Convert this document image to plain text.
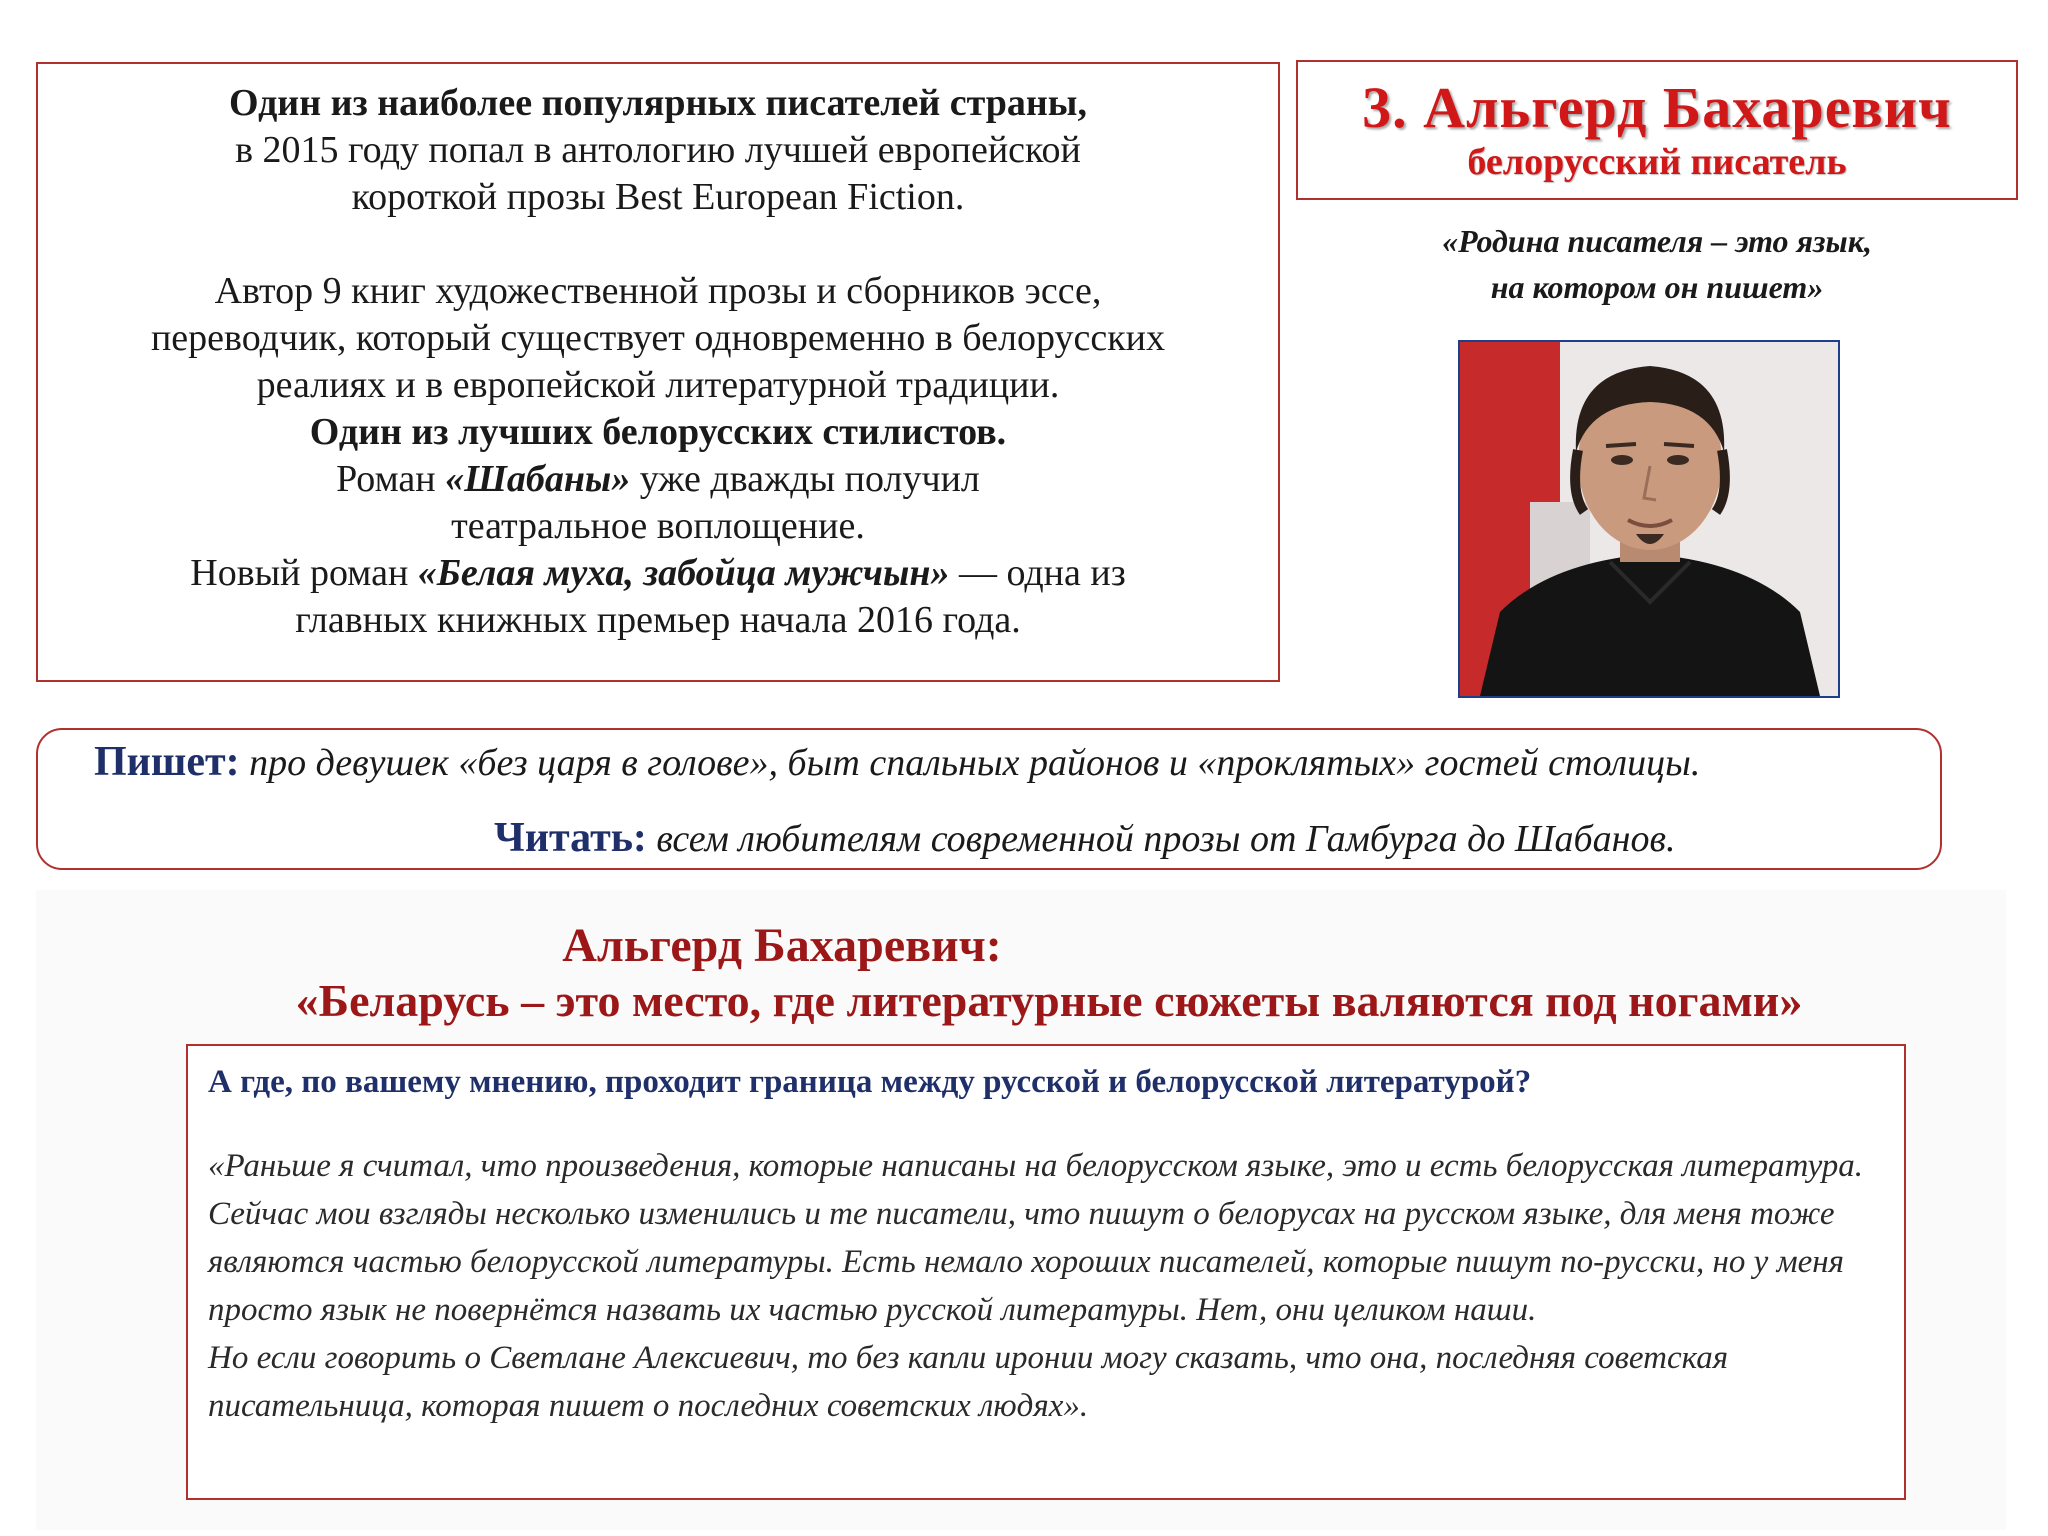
Один из наиболее популярных писателей страны,

в 2015 году попал в антологию лучшей европейской

короткой прозы Best European Fiction.

Автор 9 книг художественной прозы и сборников эссе,

переводчик, который существует одновременно в белорусских

реалиях и в европейской литературной традиции.

Один из лучших белорусских стилистов.

Роман «Шабаны» уже дважды получил

театральное воплощение.

Новый роман «Белая муха, забойца мужчын» — одна из

главных книжных премьер начала 2016 года.

3. Альгерд Бахаревич
белорусский писатель
«Родина писателя – это язык,
на котором он пишет»
Пишет: про девушек «без царя в голове», быт спальных районов и «проклятых» гостей столицы.
Читать: всем любителям современной прозы от Гамбурга до Шабанов.
Альгерд Бахаревич:
«Беларусь – это место, где литературные сюжеты валяются под ногами»
А где, по вашему мнению, проходит граница между русской и белорусской литературой?

«Раньше я считал, что произведения, которые написаны на белорусском языке, это и есть белорусская литература. Сейчас мои взгляды несколько изменились и те писатели, что пишут о белорусах на русском языке, для меня тоже являются частью белорусской литературы. Есть немало хороших писателей, которые пишут по-русски, но у меня просто язык не повернётся назвать их частью русской литературы. Нет, они целиком наши.

Но если говорить о Светлане Алексиевич, то без капли иронии могу сказать, что она, последняя советская писательница, которая пишет о последних советских людях».
